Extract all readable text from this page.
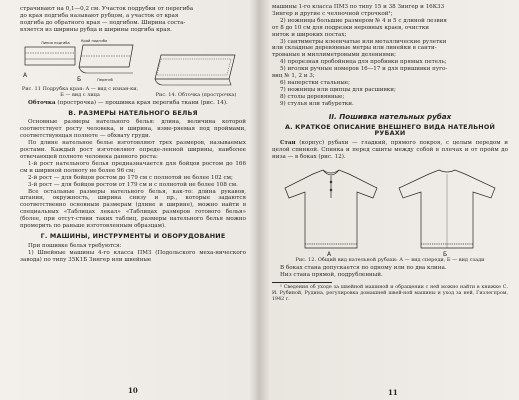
страчивают на 0,1—0,2 см. Участок подрубки от перегиба

до края подгиба называют рубцом, а участок от края

подгиба до обратного края — подгибом. Ширина соста-

вляется из ширины рубца и ширины подгиба края.

А
Б
Край подгиба
Линия подгиба
Перегиб
Рис. 11 Подрубка края: А — вид с изнан-ки, Б — вид с лица	Рис. 14. Обточка (прострочка)

Обточка (прострочка) — прошивка края перегиба ткани (рис. 14).

В. РАЗМЕРЫ НАТЕЛЬНОГО БЕЛЬЯ

Основные размеры нательного белья: длина, величина которой соответствует росту человека, и ширина, изме-ряемая под проймами, соответствующая полноте — обхвату груди.

По длине нательное белье изготовляют трех размеров, называемых ростами. Каждый рост изготовляют опреде-ленной ширины, наиболее отвечающей полноте человека данного роста:

1-й рост нательного белья предназначается для бойцов ростом до 166 см и шириной полноту не более 96 см;

2-й рост — для бойцов ростом до 179 см с полнотой не более 102 см;

3-й рост — для бойцов ростом от 179 см и с полнотой не более 108 см.

Все остальные размеры нательного белья, как-то: длина рукавов, штанин, окружность, ширина снизу и пр., которые задаются соответственно основным размерам (длине и ширине), можно найти в специальных «Таблицах лекал» «Таблицах размеров готового белья» (более, при отсут-ствии таких таблиц, размеры нательного белья можно промерить по раньше изготовленным образцам).

Г. МАШИНЫ, ИНСТРУМЕНТЫ И ОБОРУДОВАНИЕ

При пошивке белья требуются:

1) Швейные машины 4-го класса ПМЗ (Подольского меха-нического завода) по типу 35К1Б Зингер или швейные

10

машины 1-го класса ПМЗ по типу 15 и 38 Зингер и 16К33

Зингер и другие с челночной строчкой¹;

2) ножницы большие размером № 4 и 5 с длиной лезвия

от 8 до 10 см для подрезки неровных краев, очистки

ниток и широких постах;

3) сантиметры клеенчатые или металлические рулетки

или складные деревянные метры или линейки в санти-

трованые и миллиметровыми делениями;

4) прорезная пробойница для пробивки прямых петель;

5) иголки ручные номеров 16—17 и для пришивки пуго-

виц № 1, 2 и 3;

6) наперстки стальные;

7) ножницы или щипцы для расшивки;

8) столы деревянные;

9) стулья или табуретки.

II. Пошивка нательных рубах
А. КРАТКОЕ ОПИСАНИЕ ВНЕШНЕГО ВИДА НАТЕЛЬНОЙ РУБАХИ

Стан (корпус) рубахи — гладкий, прямого покроя, с целым передом и целой спинкой. Спинка и перед сшиты между собой в плечах и от пройм до низа — в боках (рис. 12).

А	Б
Рис. 12. Общий вид нательной рубахи: А — вид спереди, Б — вид сзади

В боках стана допускается по одному или по два клина.

Низ стана прямой, подрубленный.

¹ Сведения об уходе за швейной машиной и обращении с ней можно найти в книжке С. И. Рубиной, Рудина, регулировка домашней швей-ной машины и уход за ней, Гизлегпром, 1942 г.

11
